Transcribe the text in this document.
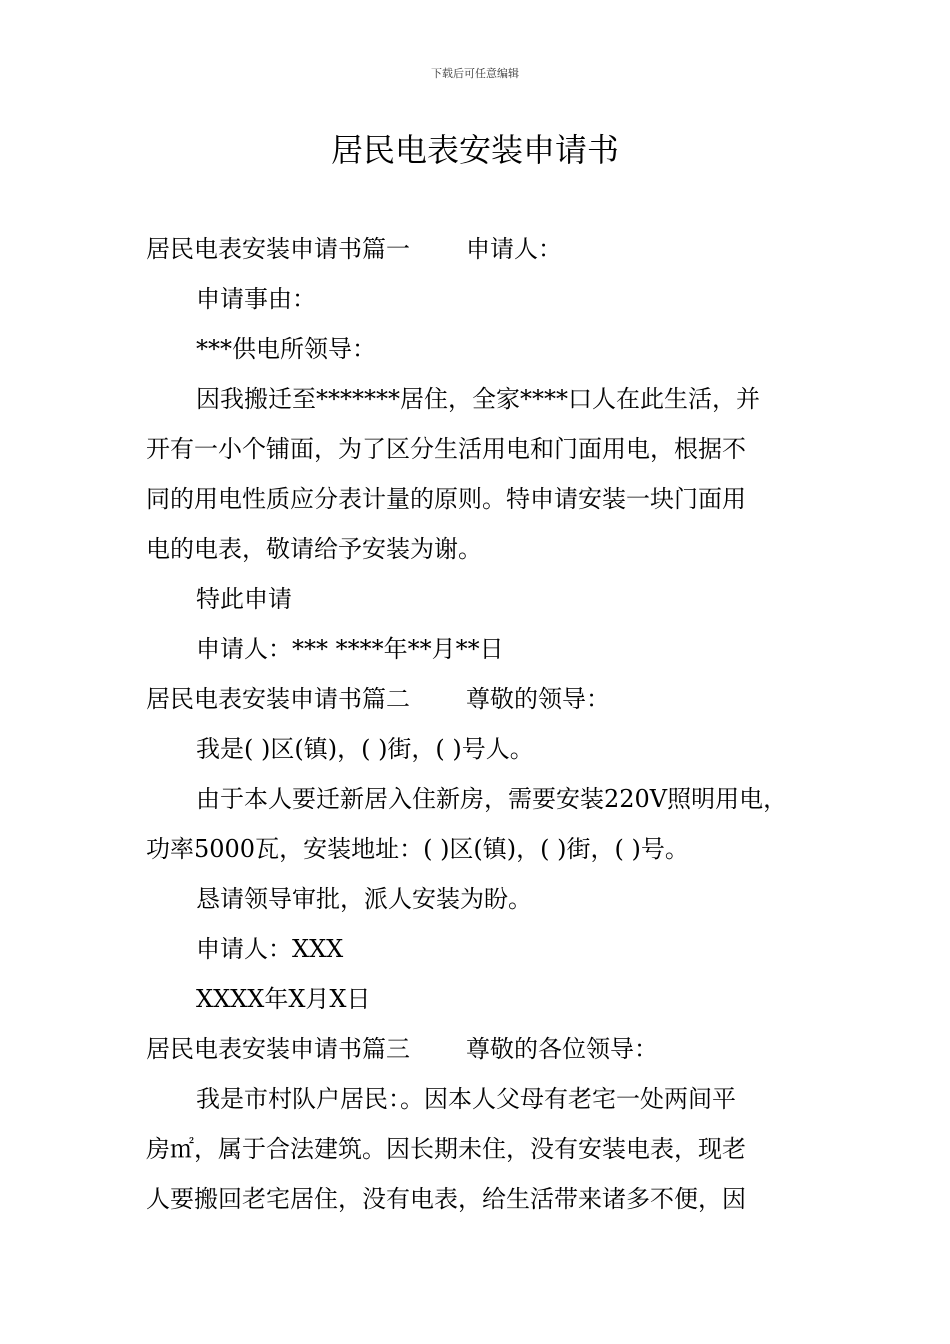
下载后可任意编辑
居民电表安装申请书
居民电表安装申请书篇一 申请人：
申请事由：
***供电所领导：
因我搬迁至*******居住，全家****口人在此生活，并
开有一小个铺面，为了区分生活用电和门面用电，根据不
同的用电性质应分表计量的原则。特申请安装一块门面用
电的电表，敬请给予安装为谢。
特此申请
申请人：*** ****年**月**日
居民电表安装申请书篇二 尊敬的领导：
我是( )区(镇)，( )街，( )号人。
由于本人要迁新居入住新房，需要安装220V照明用电，
功率5000瓦，安装地址：( )区(镇)，( )街，( )号。
恳请领导审批，派人安装为盼。
申请人：XXX
XXXX年X月X日
居民电表安装申请书篇三 尊敬的各位领导：
我是市村队户居民：。因本人父母有老宅一处两间平
房㎡，属于合法建筑。因长期未住，没有安装电表，现老
人要搬回老宅居住，没有电表，给生活带来诸多不便，因
